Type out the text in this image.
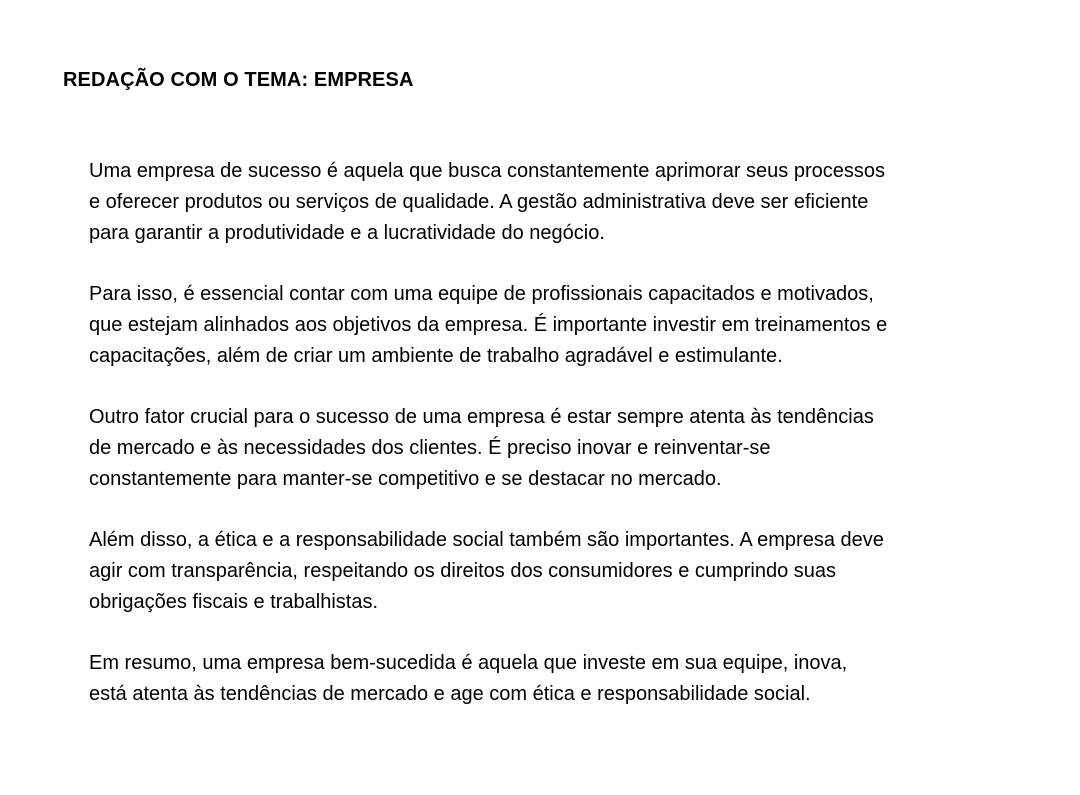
REDAÇÃO COM O TEMA: EMPRESA

Uma empresa de sucesso é aquela que busca constantemente aprimorar seus processos
e oferecer produtos ou serviços de qualidade. A gestão administrativa deve ser eficiente
para garantir a produtividade e a lucratividade do negócio.

Para isso, é essencial contar com uma equipe de profissionais capacitados e motivados,
que estejam alinhados aos objetivos da empresa. É importante investir em treinamentos e
capacitações, além de criar um ambiente de trabalho agradável e estimulante.

Outro fator crucial para o sucesso de uma empresa é estar sempre atenta às tendências
de mercado e às necessidades dos clientes. É preciso inovar e reinventar-se
constantemente para manter-se competitivo e se destacar no mercado.

Além disso, a ética e a responsabilidade social também são importantes. A empresa deve
agir com transparência, respeitando os direitos dos consumidores e cumprindo suas
obrigações fiscais e trabalhistas.

Em resumo, uma empresa bem-sucedida é aquela que investe em sua equipe, inova,
está atenta às tendências de mercado e age com ética e responsabilidade social.
